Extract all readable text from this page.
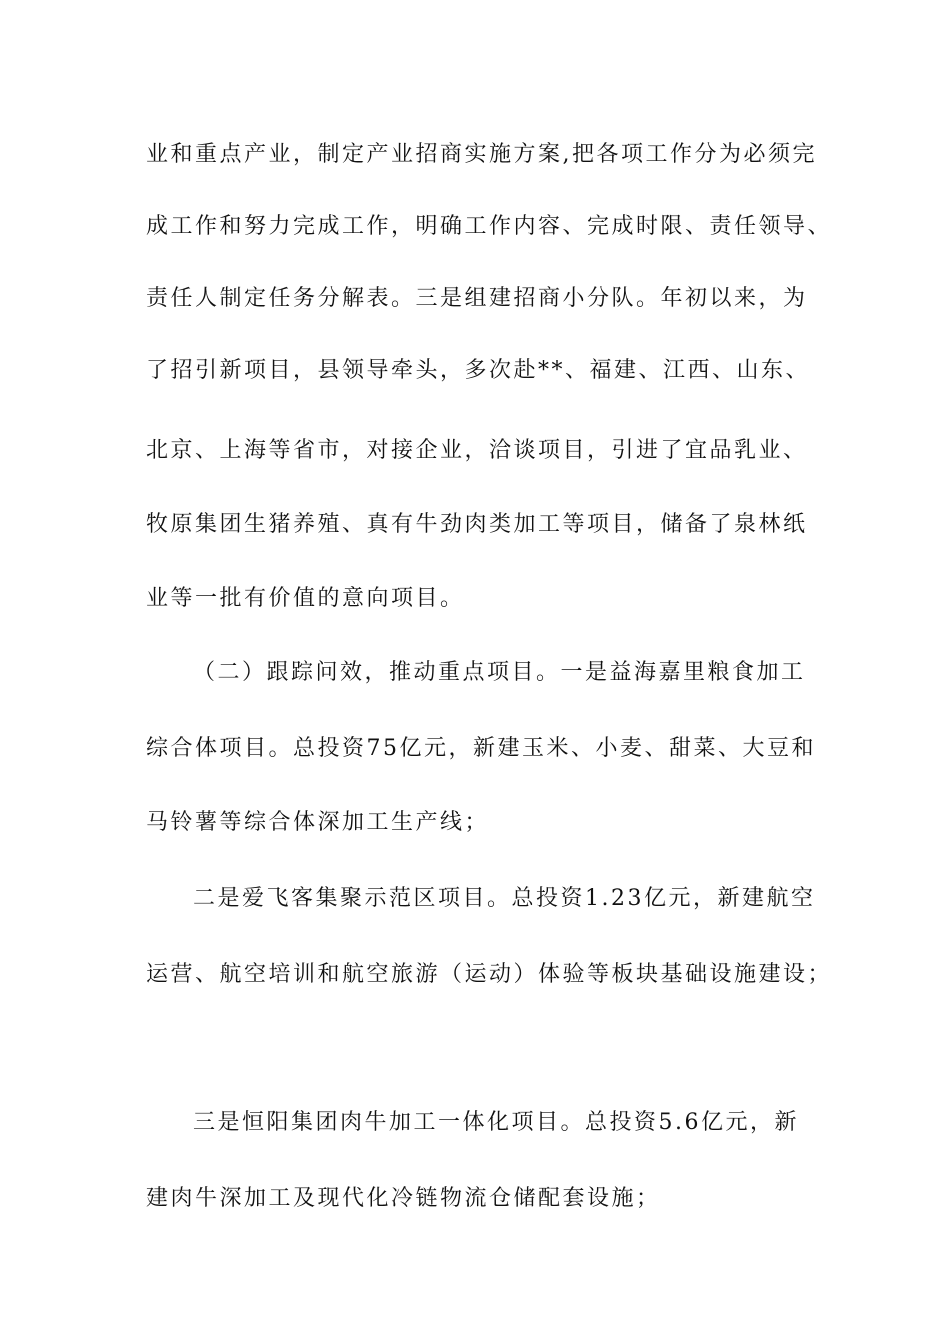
业和重点产业，制定产业招商实施方案,把各项工作分为必须完
成工作和努力完成工作，明确工作内容、完成时限、责任领导、
责任人制定任务分解表。三是组建招商小分队。年初以来，为
了招引新项目，县领导牵头，多次赴**、福建、江西、山东、
北京、上海等省市，对接企业，洽谈项目，引进了宜品乳业、
牧原集团生猪养殖、真有牛劲肉类加工等项目，储备了泉林纸
业等一批有价值的意向项目。
（二）跟踪问效，推动重点项目。一是益海嘉里粮食加工
综合体项目。总投资75亿元，新建玉米、小麦、甜菜、大豆和
马铃薯等综合体深加工生产线；
二是爱飞客集聚示范区项目。总投资1.23亿元，新建航空
运营、航空培训和航空旅游（运动）体验等板块基础设施建设；
三是恒阳集团肉牛加工一体化项目。总投资5.6亿元，新
建肉牛深加工及现代化冷链物流仓储配套设施；
